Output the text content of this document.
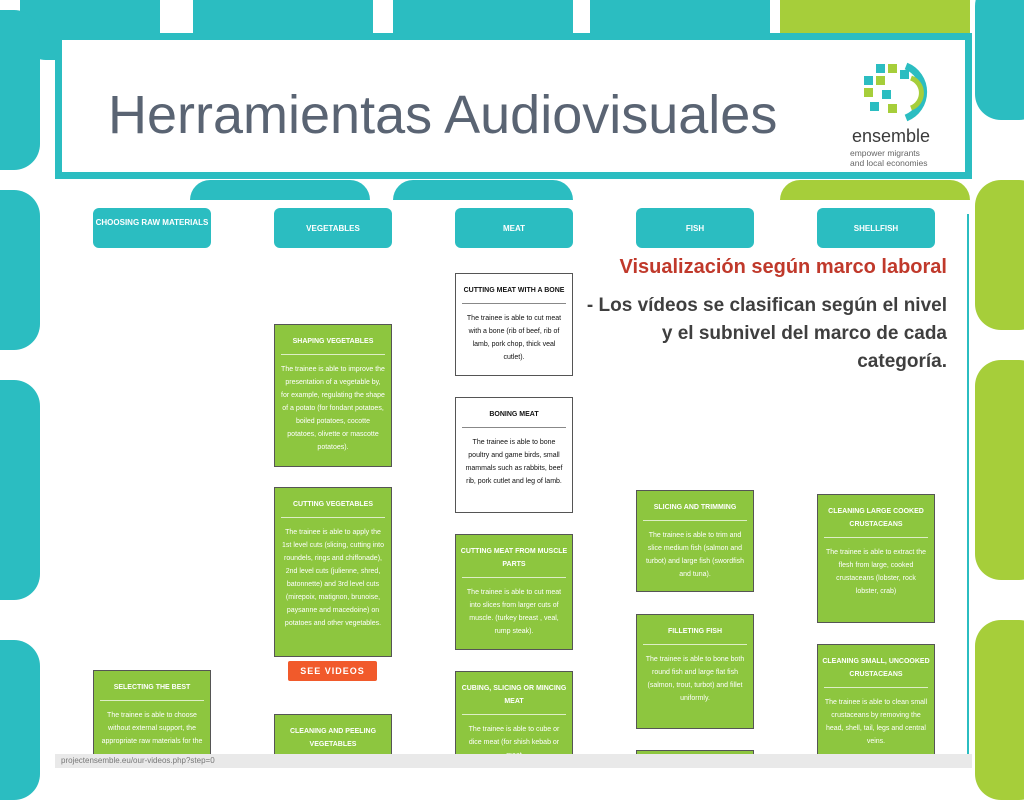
Herramientas Audiovisuales	ensemble
empower migrants
and local economies
CHOOSING RAW MATERIALS
VEGETABLES	MEAT	FISH	SHELLFISH
SELECTING THE BEST
The trainee is able to choose without external support, the appropriate raw materials for the
SHAPING VEGETABLES
The trainee is able to improve the presentation of a vegetable by, for example, regulating the shape of a potato (for fondant potatoes, boiled potatoes, cocotte potatoes, olivette or mascotte potatoes).
CUTTING VEGETABLES
The trainee is able to apply the 1st level cuts (slicing, cutting into roundels, rings and chiffonade), 2nd level cuts (julienne, shred, batonnette) and 3rd level cuts (mirepoix, matignon, brunoise, paysanne and macedoine) on potatoes and other vegetables.
SEE VIDEOS
CLEANING AND PEELING VEGETABLES
CUTTING MEAT WITH A BONE
The trainee is able to cut meat with a bone (rib of beef, rib of lamb, pork chop, thick veal cutlet).
BONING MEAT
The trainee is able to bone poultry and game birds, small mammals such as rabbits, beef rib, pork cutlet and leg of lamb.
CUTTING MEAT FROM MUSCLE PARTS
The trainee is able to cut meat into slices from larger cuts of muscle. (turkey breast , veal, rump steak).
CUBING, SLICING OR MINCING MEAT
The trainee is able to cube or dice meat (for shish kebab or
SLICING AND TRIMMING
The trainee is able to trim and slice medium fish (salmon and turbot) and large fish (swordfish and tuna).
FILLETING FISH
The trainee is able to bone both round fish and large flat fish (salmon, trout, turbot) and fillet uniformly.
CLEANING LARGE COOKED CRUSTACEANS
The trainee is able to extract the flesh from large, cooked crustaceans (lobster, rock lobster, crab)
CLEANING SMALL, UNCOOKED CRUSTACEANS
The trainee is able to clean small crustaceans by removing the head, shell, tail, legs and central veins.
projectensemble.eu/our-videos.php?step=0
Visualización según marco laboral
- Los vídeos se clasifican según el nivel y el subnivel del marco de cada categoría.
